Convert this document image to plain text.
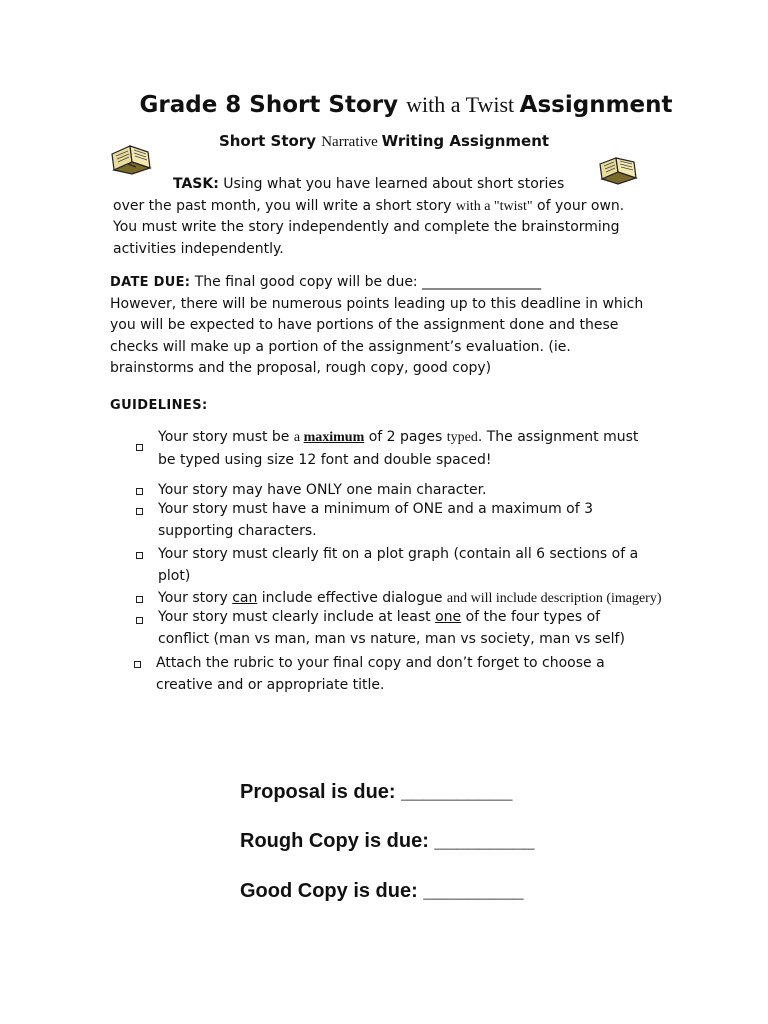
Grade 8 Short Story with a Twist Assignment
Short Story Narrative Writing Assignment
TASK: Using what you have learned about short stories
over the past month, you will write a short story with a "twist" of your own.
You must write the story independently and complete the brainstorming
activities independently.
DATE DUE: The final good copy will be due: _________________
However, there will be numerous points leading up to this deadline in which
you will be expected to have portions of the assignment done and these
checks will make up a portion of the assignment’s evaluation. (ie.
brainstorms and the proposal, rough copy, good copy)
GUIDELINES:
Your story must be a maximum of 2 pages typed. The assignment must
be typed using size 12 font and double spaced!
Your story may have ONLY one main character.
Your story must have a minimum of ONE and a maximum of 3
supporting characters.
Your story must clearly fit on a plot graph (contain all 6 sections of a
plot)
Your story can include effective dialogue and will include description (imagery)
Your story must clearly include at least one of the four types of
conflict (man vs man, man vs nature, man vs society, man vs self)
Attach the rubric to your final copy and don’t forget to choose a
creative and or appropriate title.
Proposal is due: __________
Rough Copy is due: _________
Good Copy is due: _________
